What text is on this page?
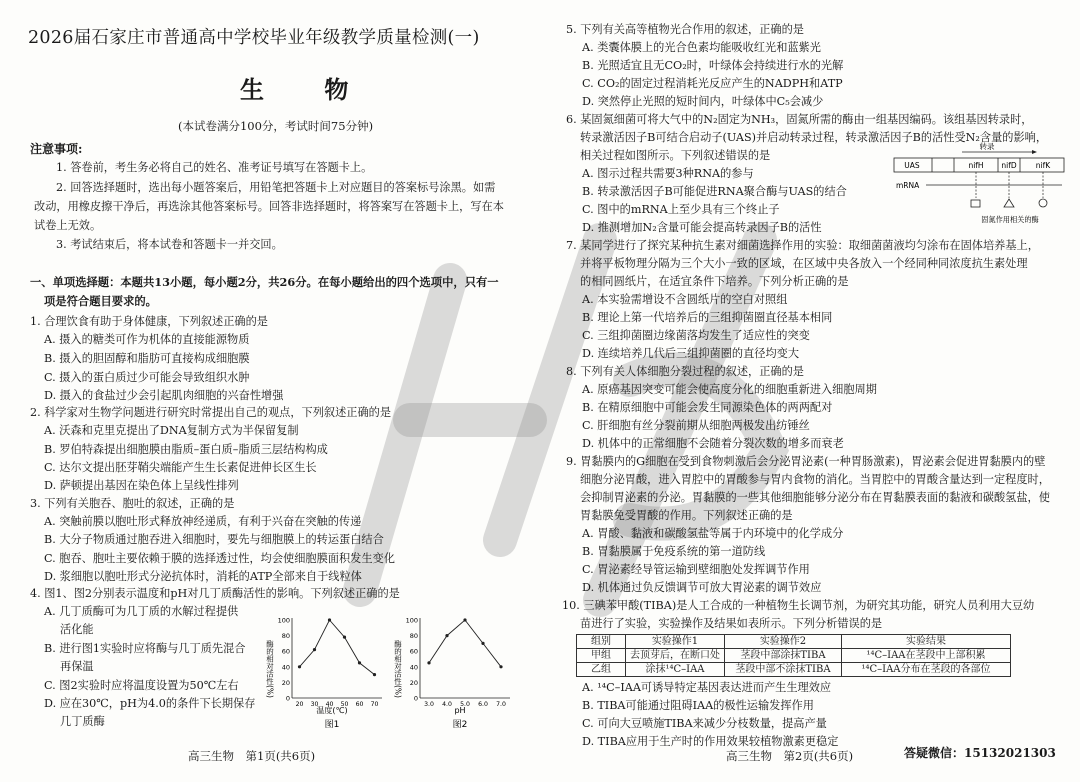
2026届石家庄市普通高中学校毕业年级教学质量检测(一)
生 物
(本试卷满分100分，考试时间75分钟)
注意事项:
1. 答卷前，考生务必将自己的姓名、准考证号填写在答题卡上。
2. 回答选择题时，选出每小题答案后，用铅笔把答题卡上对应题目的答案标号涂黑。如需
改动，用橡皮擦干净后，再选涂其他答案标号。回答非选择题时，将答案写在答题卡上，写在本
试卷上无效。
3. 考试结束后，将本试卷和答题卡一并交回。
一、单项选择题：本题共13小题，每小题2分，共26分。在每小题给出的四个选项中，只有一
项是符合题目要求的。
1. 合理饮食有助于身体健康，下列叙述正确的是
A. 摄入的糖类可作为机体的直接能源物质
B. 摄入的胆固醇和脂肪可直接构成细胞膜
C. 摄入的蛋白质过少可能会导致组织水肿
D. 摄入的食盐过少会引起肌肉细胞的兴奋性增强
2. 科学家对生物学问题进行研究时常提出自己的观点，下列叙述正确的是
A. 沃森和克里克提出了DNA复制方式为半保留复制
B. 罗伯特森提出细胞膜由脂质–蛋白质–脂质三层结构构成
C. 达尔文提出胚芽鞘尖端能产生生长素促进伸长区生长
D. 萨顿提出基因在染色体上呈线性排列
3. 下列有关胞吞、胞吐的叙述，正确的是
A. 突触前膜以胞吐形式释放神经递质，有利于兴奋在突触的传递
B. 大分子物质通过胞吞进入细胞时，要先与细胞膜上的转运蛋白结合
C. 胞吞、胞吐主要依赖于膜的选择透过性，均会使细胞膜面积发生变化
D. 浆细胞以胞吐形式分泌抗体时，消耗的ATP全部来自于线粒体
4. 图1、图2分别表示温度和pH对几丁质酶活性的影响。下列叙述正确的是
A. 几丁质酶可为几丁质的水解过程提供
活化能
B. 进行图1实验时应将酶与几丁质先混合
再保温
C. 图2实验时应将温度设置为50℃左右
D. 应在30℃，pH为4.0的条件下长期保存
几丁质酶
酶的相对活性(%)
100
80
60
40
20
0
20 30 40 50 60 70
温度(℃)
图1
酶的相对活性(%)
100
80
60
40
20
0
3.0 4.0 5.0 6.0 7.0
pH
图2
高三生物　第1页(共6页)
5. 下列有关高等植物光合作用的叙述，正确的是
A. 类囊体膜上的光合色素均能吸收红光和蓝紫光
B. 光照适宜且无CO₂时，叶绿体会持续进行水的光解
C. CO₂的固定过程消耗光反应产生的NADPH和ATP
D. 突然停止光照的短时间内，叶绿体中C₅会减少
6. 某固氮细菌可将大气中的N₂固定为NH₃，固氮所需的酶由一组基因编码。该组基因转录时，
转录激活因子B可结合启动子(UAS)并启动转录过程，转录激活因子B的活性受N₂含量的影响，
相关过程如图所示。下列叙述错误的是
A. 图示过程共需要3种RNA的参与
B. 转录激活因子B可能促进RNA聚合酶与UAS的结合
C. 图中的mRNA上至少具有三个终止子
D. 推测增加N₂含量可能会提高转录因子B的活性
转录
UAS	nifH nifD	nifK
mRNA
固氮作用相关的酶
7. 某同学进行了探究某种抗生素对细菌选择作用的实验：取细菌菌液均匀涂布在固体培养基上，
并将平板物理分隔为三个大小一致的区域，在区域中央各放入一个经同种同浓度抗生素处理
的相同圆纸片，在适宜条件下培养。下列分析正确的是
A. 本实验需增设不含圆纸片的空白对照组
B. 理论上第一代培养后的三组抑菌圈直径基本相同
C. 三组抑菌圈边缘菌落均发生了适应性的突变
D. 连续培养几代后三组抑菌圈的直径均变大
8. 下列有关人体细胞分裂过程的叙述，正确的是
A. 原癌基因突变可能会使高度分化的细胞重新进入细胞周期
B. 在精原细胞中可能会发生同源染色体的两两配对
C. 肝细胞有丝分裂前期从细胞两极发出纺锤丝
D. 机体中的正常细胞不会随着分裂次数的增多而衰老
9. 胃黏膜内的G细胞在受到食物刺激后会分泌胃泌素(一种胃肠激素)，胃泌素会促进胃黏膜内的壁
细胞分泌胃酸，进入胃腔中的胃酸参与胃内食物的消化。当胃腔中的胃酸含量达到一定程度时，
会抑制胃泌素的分泌。胃黏膜的一些其他细胞能够分泌分布在胃黏膜表面的黏液和碳酸氢盐，使
胃黏膜免受胃酸的作用。下列叙述正确的是
A. 胃酸、黏液和碳酸氢盐等属于内环境中的化学成分
B. 胃黏膜属于免疫系统的第一道防线
C. 胃泌素经导管运输到壁细胞处发挥调节作用
D. 机体通过负反馈调节可放大胃泌素的调节效应
10. 三碘苯甲酸(TIBA)是人工合成的一种植物生长调节剂，为研究其功能，研究人员利用大豆幼
苗进行了实验，实验操作及结果如表所示。下列分析错误的是
组别	实验操作1	实验操作2	实验结果
甲组	去顶芽后，在断口处	茎段中部涂抹TIBA	¹⁴C–IAA在茎段中上部积累
乙组	涂抹¹⁴C–IAA	茎段中部不涂抹TIBA	¹⁴C–IAA分布在茎段的各部位
A. ¹⁴C–IAA可诱导特定基因表达进而产生生理效应
B. TIBA可能通过阻碍IAA的极性运输发挥作用
C. 可向大豆喷施TIBA来减少分枝数量，提高产量
D. TIBA应用于生产时的作用效果较植物激素更稳定
高三生物　第2页(共6页)	答疑微信：15132021303
